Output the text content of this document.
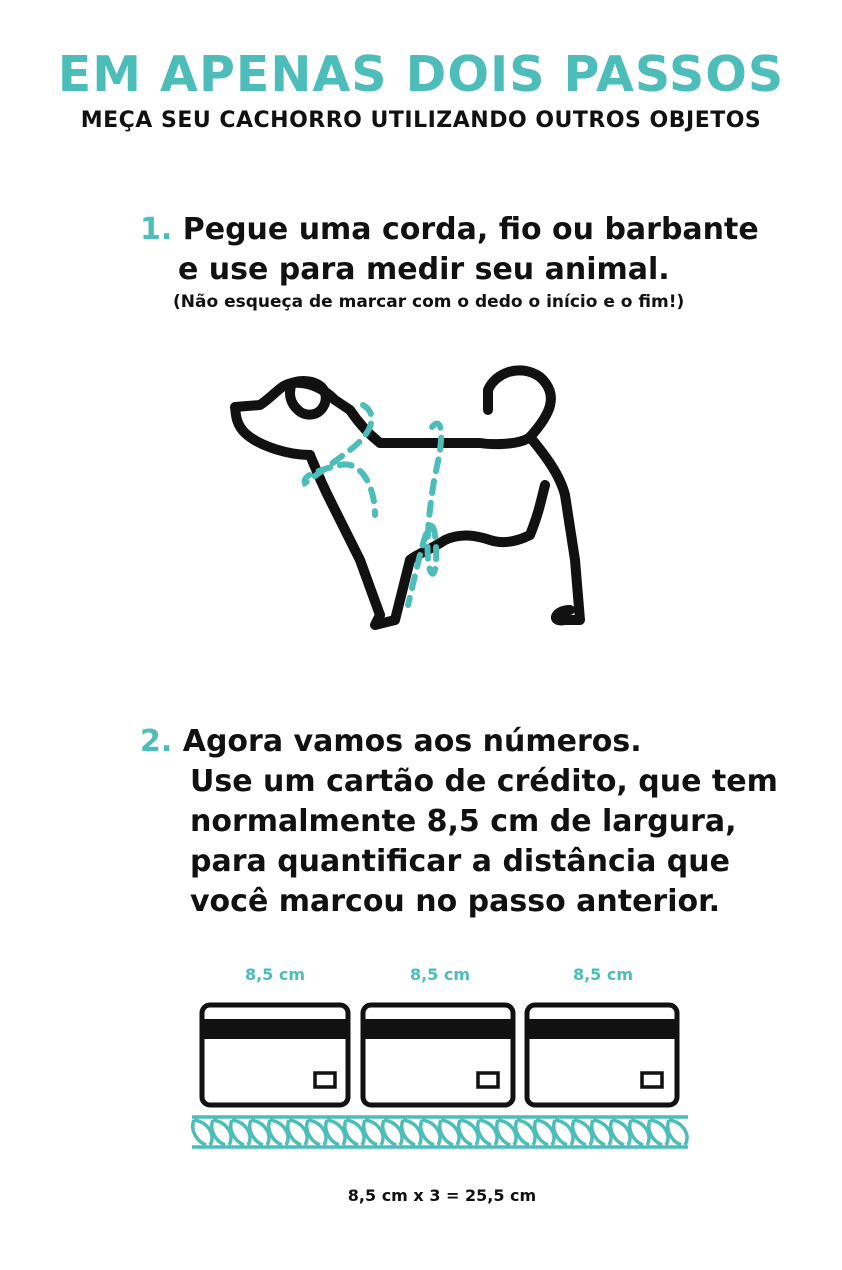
EM APENAS DOIS PASSOS
MEÇA SEU CACHORRO UTILIZANDO OUTROS OBJETOS
1. Pegue uma corda, fio ou barbante
e use para medir seu animal.
(Não esqueça de marcar com o dedo o início e o fim!)
2. Agora vamos aos números.
Use um cartão de crédito, que tem
normalmente 8,5 cm de largura,
para quantificar a distância que
você marcou no passo anterior.
8,5 cm	8,5 cm	8,5 cm
8,5 cm x 3 = 25,5 cm
